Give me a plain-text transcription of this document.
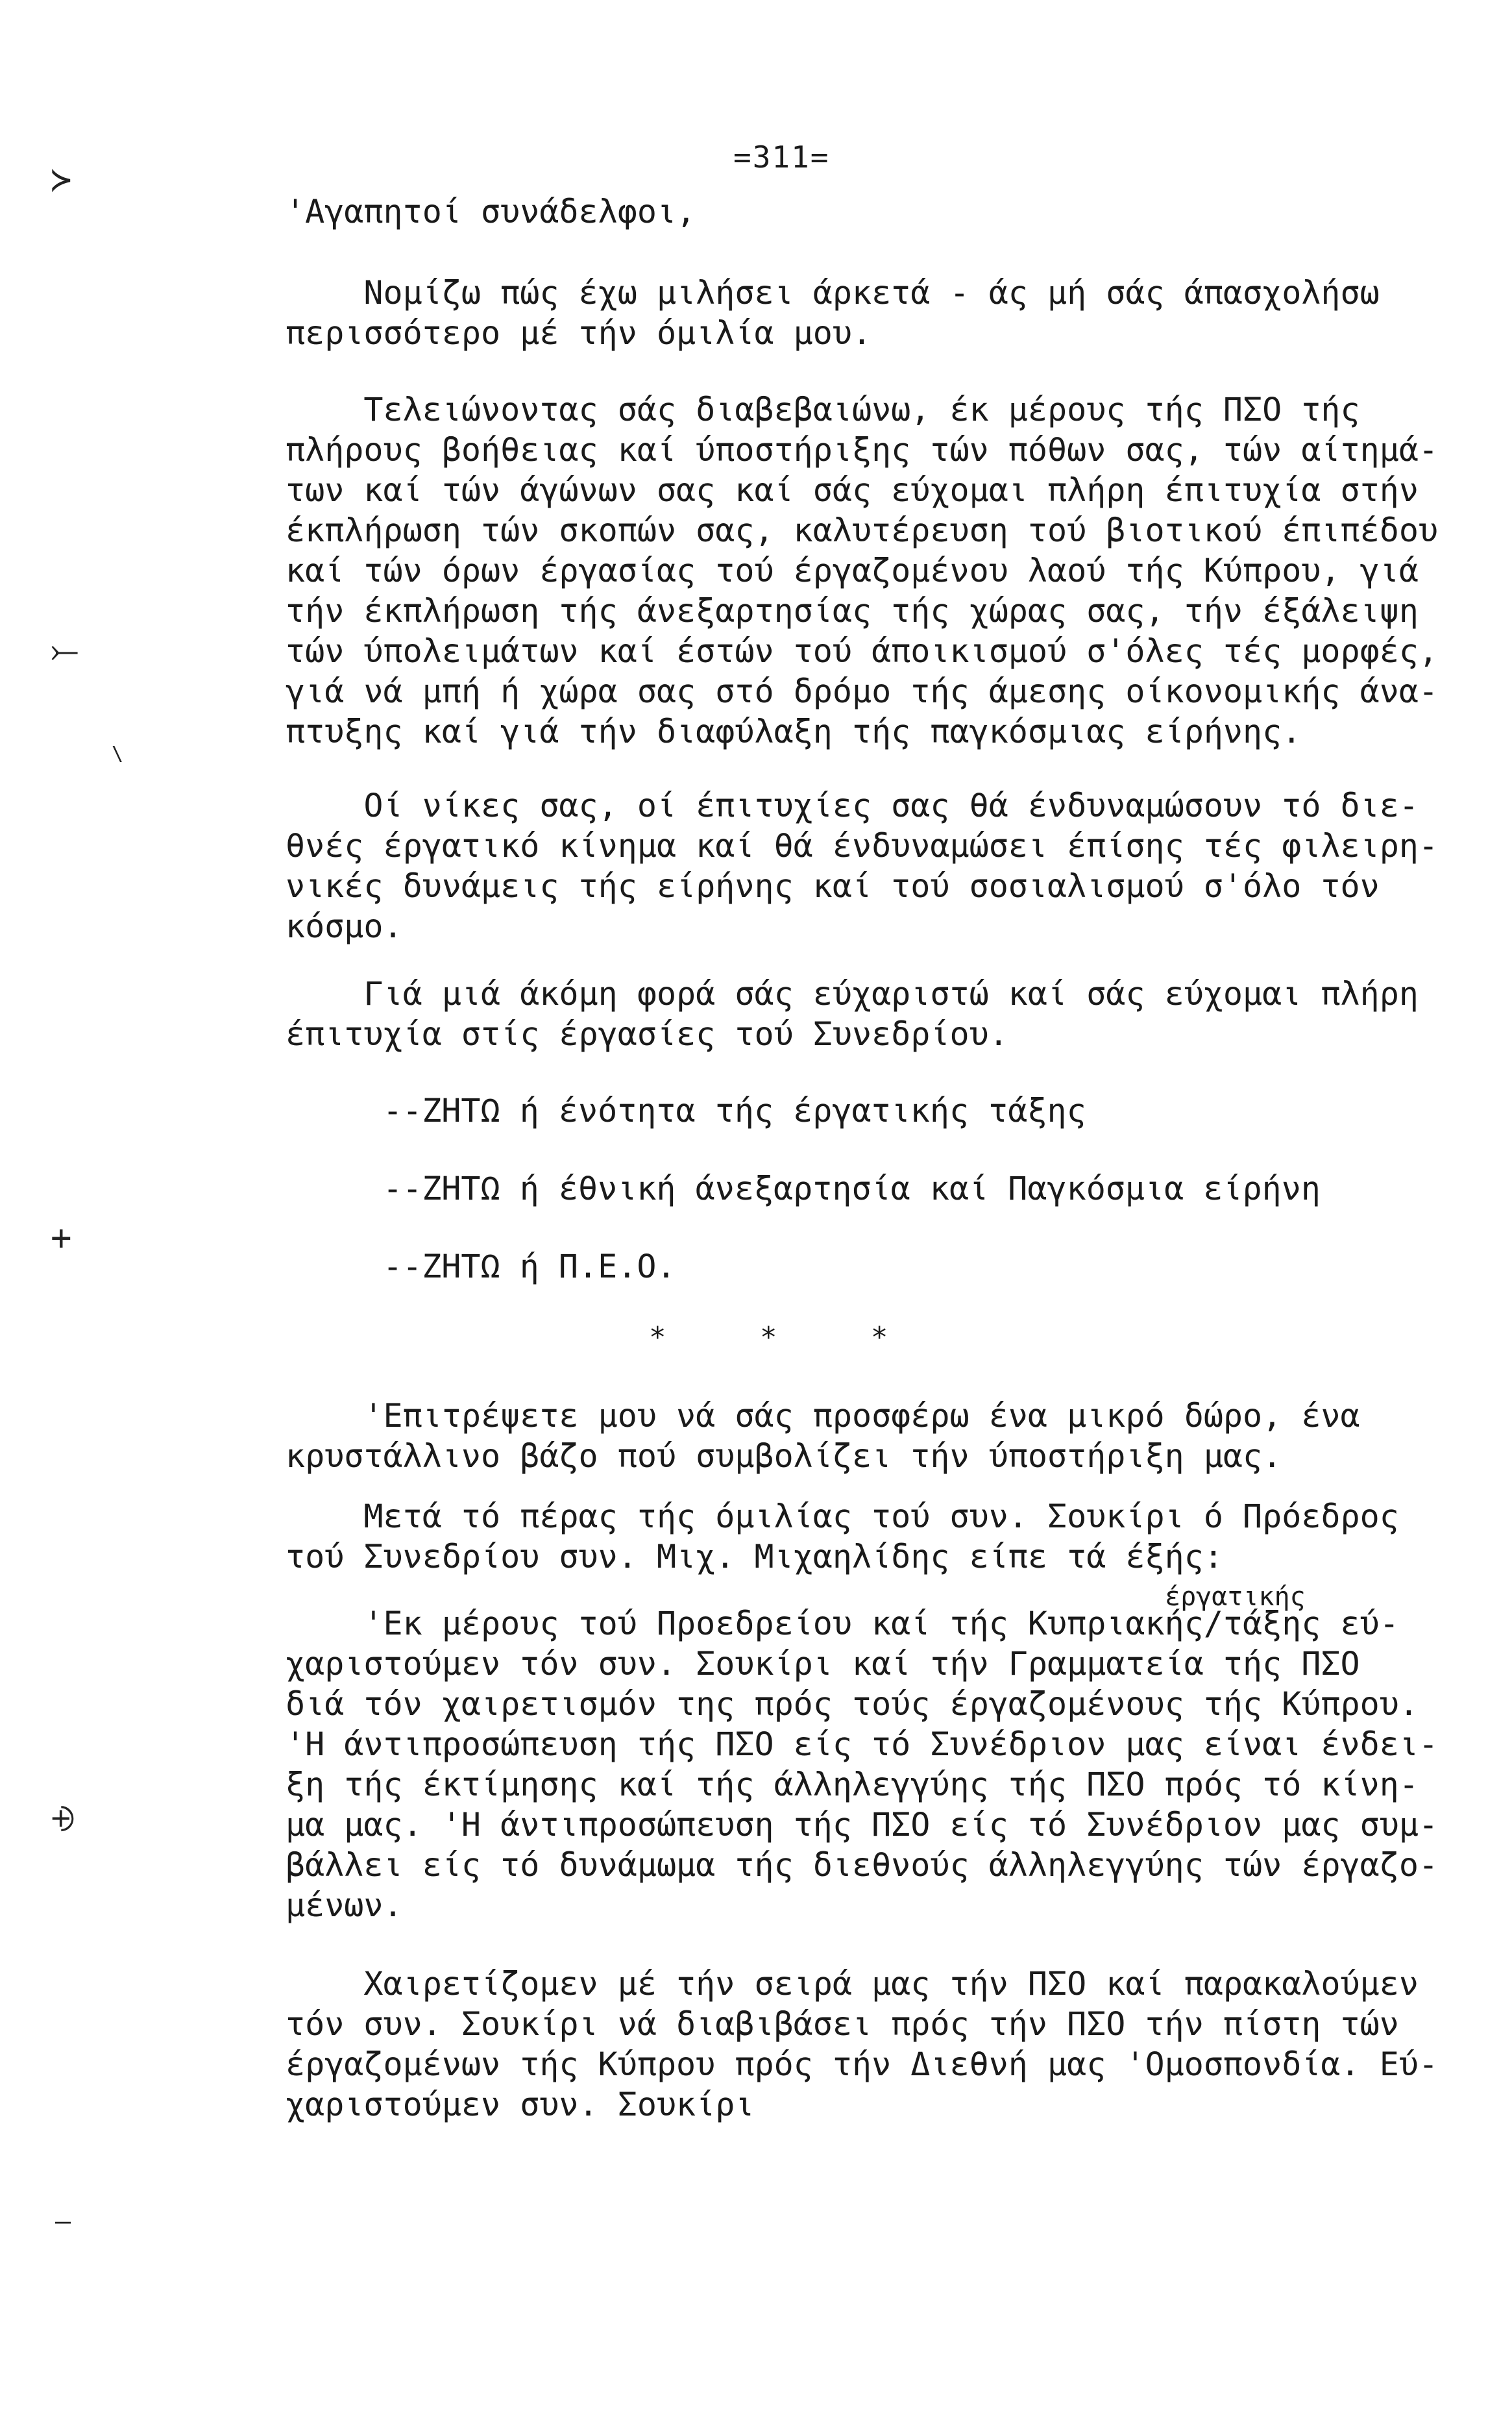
≻
⤚
\
+
⨮
—
=311=

'Αγαπητοί συνάδελφοι,

Νομίζω πώς έχω μιλήσει άρκετά - άς μή σάς άπασχολήσω
περισσότερο μέ τήν όμιλία μου.

Τελειώνοντας σάς διαβεβαιώνω, έκ μέρους τής ΠΣΟ τής
πλήρους βοήθειας καί ύποστήριξης τών πόθων σας, τών αίτημά-
των καί τών άγώνων σας καί σάς εύχομαι πλήρη έπιτυχία στήν
έκπλήρωση τών σκοπών σας, καλυτέρευση τού βιοτικού έπιπέδου
καί τών όρων έργασίας τού έργαζομένου λαού τής Κύπρου, γιά
τήν έκπλήρωση τής άνεξαρτησίας τής χώρας σας, τήν έξάλειψη
τών ύπολειμάτων καί έστών τού άποικισμού σ'όλες τές μορφές,
γιά νά μπή ή χώρα σας στό δρόμο τής άμεσης οίκονομικής άνα-
πτυξης καί γιά τήν διαφύλαξη τής παγκόσμιας είρήνης.

Οί νίκες σας, οί έπιτυχίες σας θά ένδυναμώσουν τό διε-
θνές έργατικό κίνημα καί θά ένδυναμώσει έπίσης τές φιλειρη-
νικές δυνάμεις τής είρήνης καί τού σοσιαλισμού σ'όλο τόν
κόσμο.

Γιά μιά άκόμη φορά σάς εύχαριστώ καί σάς εύχομαι πλήρη
έπιτυχία στίς έργασίες τού Συνεδρίου.

--ΖΗΤΩ ή ένότητα τής έργατικής τάξης

--ΖΗΤΩ ή έθνική άνεξαρτησία καί Παγκόσμια είρήνη

--ΖΗΤΩ ή Π.Ε.Ο.

*     *     *

'Επιτρέψετε μου νά σάς προσφέρω ένα μικρό δώρο, ένα
κρυστάλλινο βάζο πού συμβολίζει τήν ύποστήριξη μας.

Μετά τό πέρας τής όμιλίας τού συν. Σουκίρι ό Πρόεδρος
τού Συνεδρίου συν. Μιχ. Μιχαηλίδης είπε τά έξής:

έργατικής

'Εκ μέρους τού Προεδρείου καί τής Κυπριακής/τάξης εύ-
χαριστούμεν τόν συν. Σουκίρι καί τήν Γραμματεία τής ΠΣΟ
διά τόν χαιρετισμόν της πρός τούς έργαζομένους τής Κύπρου.
'Η άντιπροσώπευση τής ΠΣΟ είς τό Συνέδριον μας είναι ένδει-
ξη τής έκτίμησης καί τής άλληλεγγύης τής ΠΣΟ πρός τό κίνη-
μα μας. 'Η άντιπροσώπευση τής ΠΣΟ είς τό Συνέδριον μας συμ-
βάλλει είς τό δυνάμωμα τής διεθνούς άλληλεγγύης τών έργαζο-
μένων.

Χαιρετίζομεν μέ τήν σειρά μας τήν ΠΣΟ καί παρακαλούμεν
τόν συν. Σουκίρι νά διαβιβάσει πρός τήν ΠΣΟ τήν πίστη τών
έργαζομένων τής Κύπρου πρός τήν Διεθνή μας 'Ομοσπονδία. Εύ-
χαριστούμεν συν. Σουκίρι
